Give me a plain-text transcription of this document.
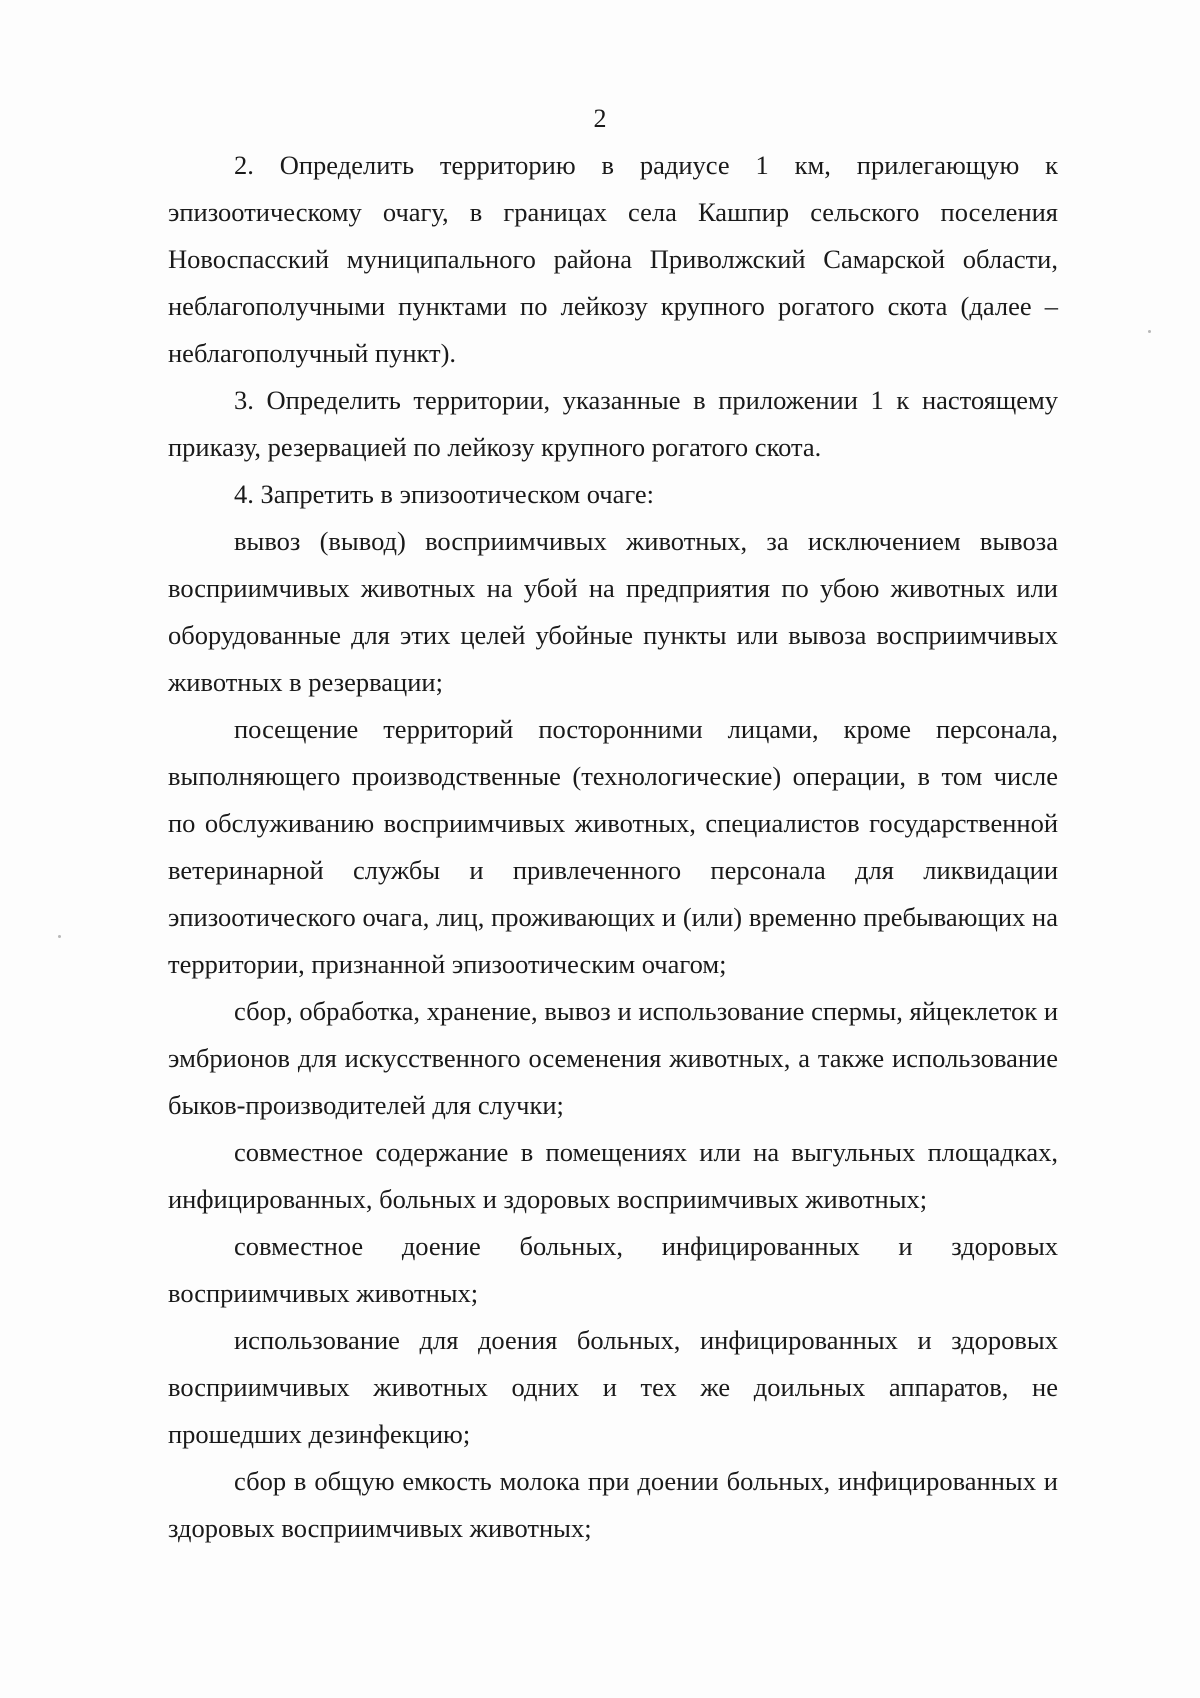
2

2. Определить территорию в радиусе 1 км, прилегающую к эпизоотическому очагу, в границах села Кашпир сельского поселения Новоспасский муниципального района Приволжский Самарской области, неблагополучными пунктами по лейкозу крупного рогатого скота (далее – неблагополучный пункт).

3. Определить территории, указанные в приложении 1 к настоящему приказу, резервацией по лейкозу крупного рогатого скота.

4. Запретить в эпизоотическом очаге:

вывоз (вывод) восприимчивых животных, за исключением вывоза восприимчивых животных на убой на предприятия по убою животных или оборудованные для этих целей убойные пункты или вывоза восприимчивых животных в резервации;

посещение территорий посторонними лицами, кроме персонала, выполняющего производственные (технологические) операции, в том числе по обслуживанию восприимчивых животных, специалистов государственной ветеринарной службы и привлеченного персонала для ликвидации эпизоотического очага, лиц, проживающих и (или) временно пребывающих на территории, признанной эпизоотическим очагом;

сбор, обработка, хранение, вывоз и использование спермы, яйцеклеток и эмбрионов для искусственного осеменения животных, а также использование быков-производителей для случки;

совместное содержание в помещениях или на выгульных площадках, инфицированных, больных и здоровых восприимчивых животных;

совместное доение больных, инфицированных и здоровых восприимчивых животных;

использование для доения больных, инфицированных и здоровых восприимчивых животных одних и тех же доильных аппаратов, не прошедших дезинфекцию;

сбор в общую емкость молока при доении больных, инфицированных и здоровых восприимчивых животных;
